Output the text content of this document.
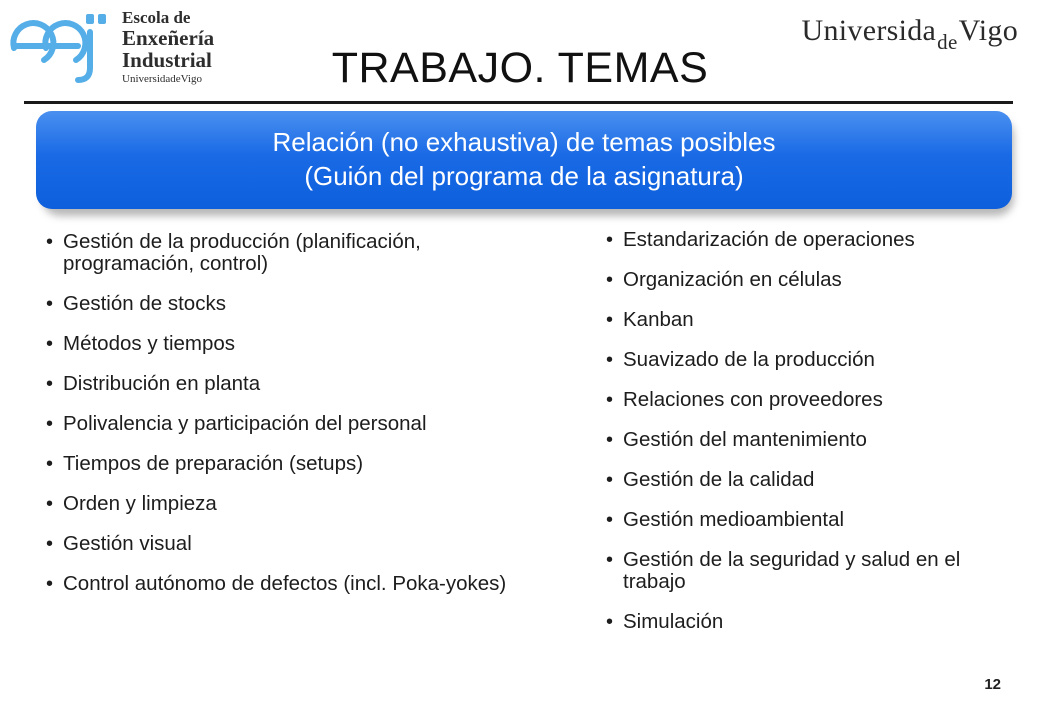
Escola de
Enxeñería
Industrial
UniversidadeVigo
Universida$_{de}$Vigo
TRABAJO. TEMAS
Relación (no exhaustiva) de temas posibles
(Guión del programa de la asignatura)
• Gestión de la producción (planificación, programación, control)
• Gestión de stocks
• Métodos y tiempos
• Distribución en planta
• Polivalencia y participación del personal
• Tiempos de preparación (setups)
• Orden y limpieza
• Gestión visual
• Control autónomo de defectos (incl. Poka-yokes)
• Estandarización de operaciones
• Organización en células
• Kanban
• Suavizado de la producción
• Relaciones con proveedores
• Gestión del mantenimiento
• Gestión de la calidad
• Gestión medioambiental
• Gestión de la seguridad y salud en el trabajo
• Simulación
12
